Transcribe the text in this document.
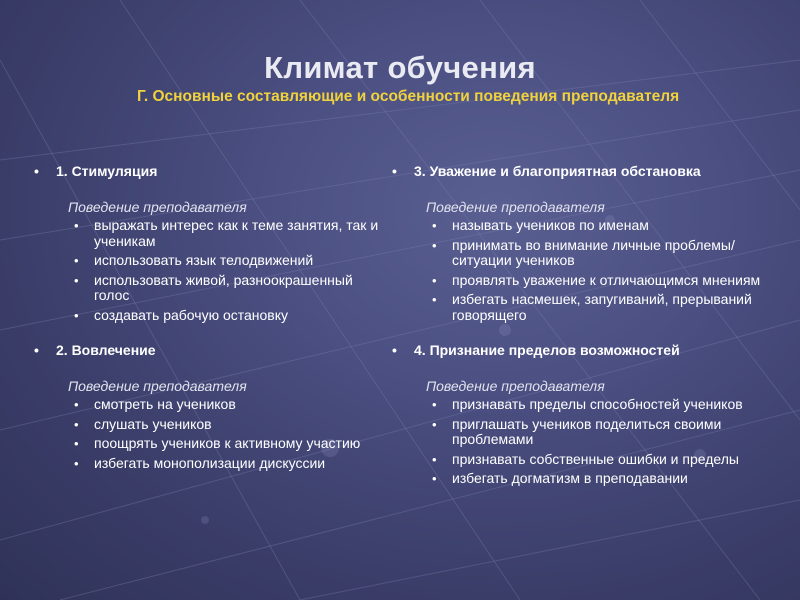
Климат обучения
Г. Основные составляющие и особенности поведения преподавателя
• 1. Стимуляция
Поведение преподавателя
• выражать интерес как к теме занятия, так и ученикам
• использовать язык телодвижений
• использовать живой, разноокрашенный голос
• создавать рабочую остановку
• 2. Вовлечение
Поведение преподавателя
• смотреть на учеников
• слушать учеников
• поощрять учеников к активному участию
• избегать монополизации дискуссии
• 3. Уважение и благоприятная обстановка
Поведение преподавателя
• называть учеников по именам
• принимать во внимание личные проблемы/ситуации учеников
• проявлять уважение к отличающимся мнениям
• избегать насмешек, запугиваний, прерываний говорящего
• 4. Признание пределов возможностей
Поведение преподавателя
• признавать пределы способностей учеников
• приглашать учеников поделиться своими проблемами
• признавать собственные ошибки и пределы
• избегать догматизм в преподавании
